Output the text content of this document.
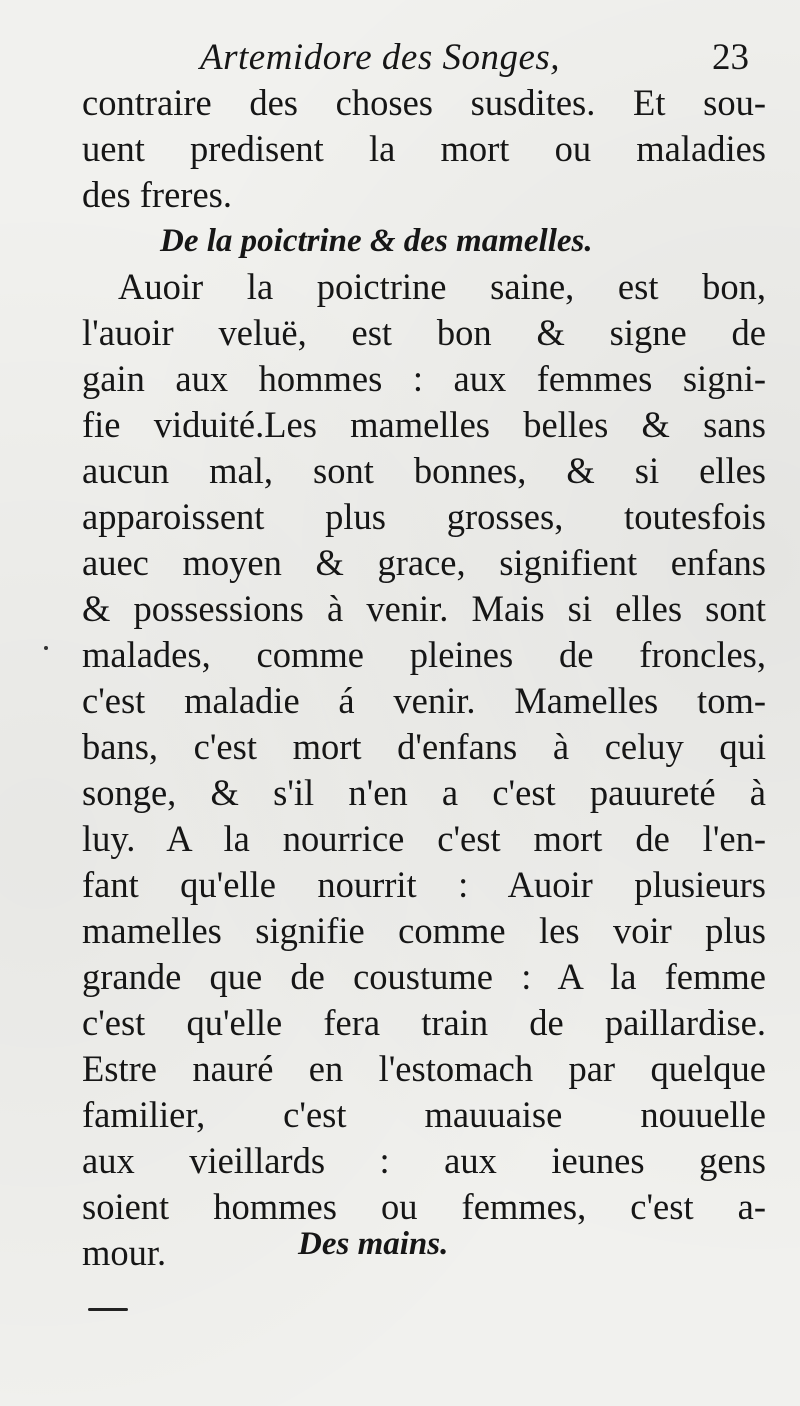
Artemidore des Songes,	23
contraire des choses susdites. Et sou-
uent predisent la mort ou maladies
des freres.
De la poictrine & des mamelles.
Auoir la poictrine saine, est bon,
l'auoir veluë, est bon & signe de
gain aux hommes : aux femmes signi-
fie viduité.Les mamelles belles & sans
aucun mal, sont bonnes, & si elles
apparoissent plus grosses, toutesfois
auec moyen & grace, signifient enfans
& possessions à venir. Mais si elles sont
malades, comme pleines de froncles,
c'est maladie á venir. Mamelles tom-
bans, c'est mort d'enfans à celuy qui
songe, & s'il n'en a c'est pauureté à
luy. A la nourrice c'est mort de l'en-
fant qu'elle nourrit : Auoir plusieurs
mamelles signifie comme les voir plus
grande que de coustume : A la femme
c'est qu'elle fera train de paillardise.
Estre nauré en l'estomach par quelque
familier, c'est mauuaise nouuelle
aux vieillards : aux ieunes gens
soient hommes ou femmes, c'est a-
mour.	Des mains.
